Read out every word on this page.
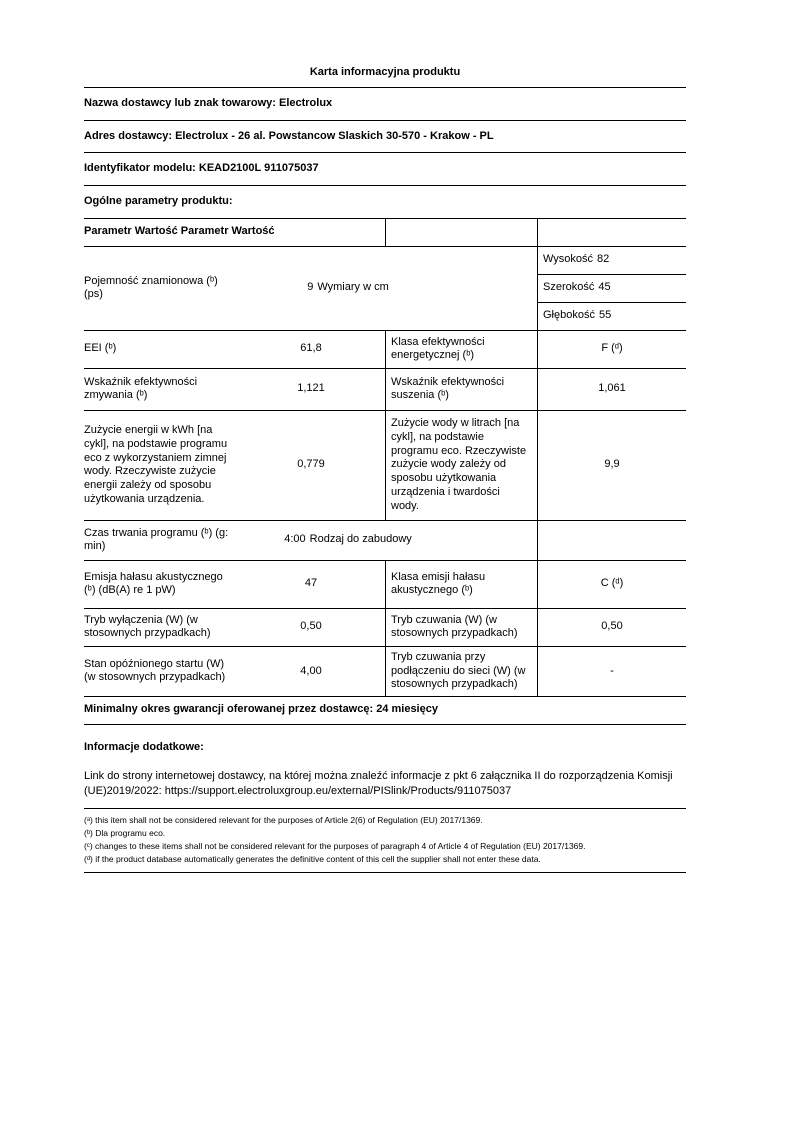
Karta informacyjna produktu
Nazwa dostawcy lub znak towarowy: Electrolux
Adres dostawcy: Electrolux - 26 al. Powstancow Slaskich 30-570 - Krakow - PL
Identyfikator modelu: KEAD2100L 911075037
Ogólne parametry produktu:
Parametr Wartość Parametr Wartość
Pojemność znamionowa (ᵇ) (ps)
9 Wymiary w cm
Wysokość 82
Szerokość 45
Głębokość 55
EEI (ᵇ)	61,8
Klasa efektywności energetycznej (ᵇ)
F (ᵈ)
Wskaźnik efektywności zmywania (ᵇ)
1,121
Wskaźnik efektywności suszenia (ᵇ)
1,061
Zużycie energii w kWh [na cykl], na podstawie programu eco z wykorzystaniem zimnej wody. Rzeczywiste zużycie energii zależy od sposobu użytkowania urządzenia.
0,779
Zużycie wody w litrach [na cykl], na podstawie programu eco. Rzeczywiste zużycie wody zależy od sposobu użytkowania urządzenia i twardości wody.
9,9
Czas trwania programu (ᵇ) (g: min)
4:00 Rodzaj do zabudowy
Emisja hałasu akustycznego (ᵇ) (dB(A) re 1 pW)
47
Klasa emisji hałasu akustycznego (ᵇ)
C (ᵈ)
Tryb wyłączenia (W) (w stosownych przypadkach)
0,50
Tryb czuwania (W) (w stosownych przypadkach)
0,50
Stan opóźnionego startu (W) (w stosownych przypadkach)
4,00
Tryb czuwania przy podłączeniu do sieci (W) (w stosownych przypadkach)
-
Minimalny okres gwarancji oferowanej przez dostawcę: 24 miesięcy
Informacje dodatkowe:
Link do strony internetowej dostawcy, na której można znaleźć informacje z pkt 6 załącznika II do rozporządzenia Komisji (UE)2019/2022: https://support.electroluxgroup.eu/external/PISlink/Products/911075037
(ᵃ) this item shall not be considered relevant for the purposes of Article 2(6) of Regulation (EU) 2017/1369.
(ᵇ) Dla programu eco.
(ᶜ) changes to these items shall not be considered relevant for the purposes of paragraph 4 of Article 4 of Regulation (EU) 2017/1369.
(ᵈ) if the product database automatically generates the definitive content of this cell the supplier shall not enter these data.
